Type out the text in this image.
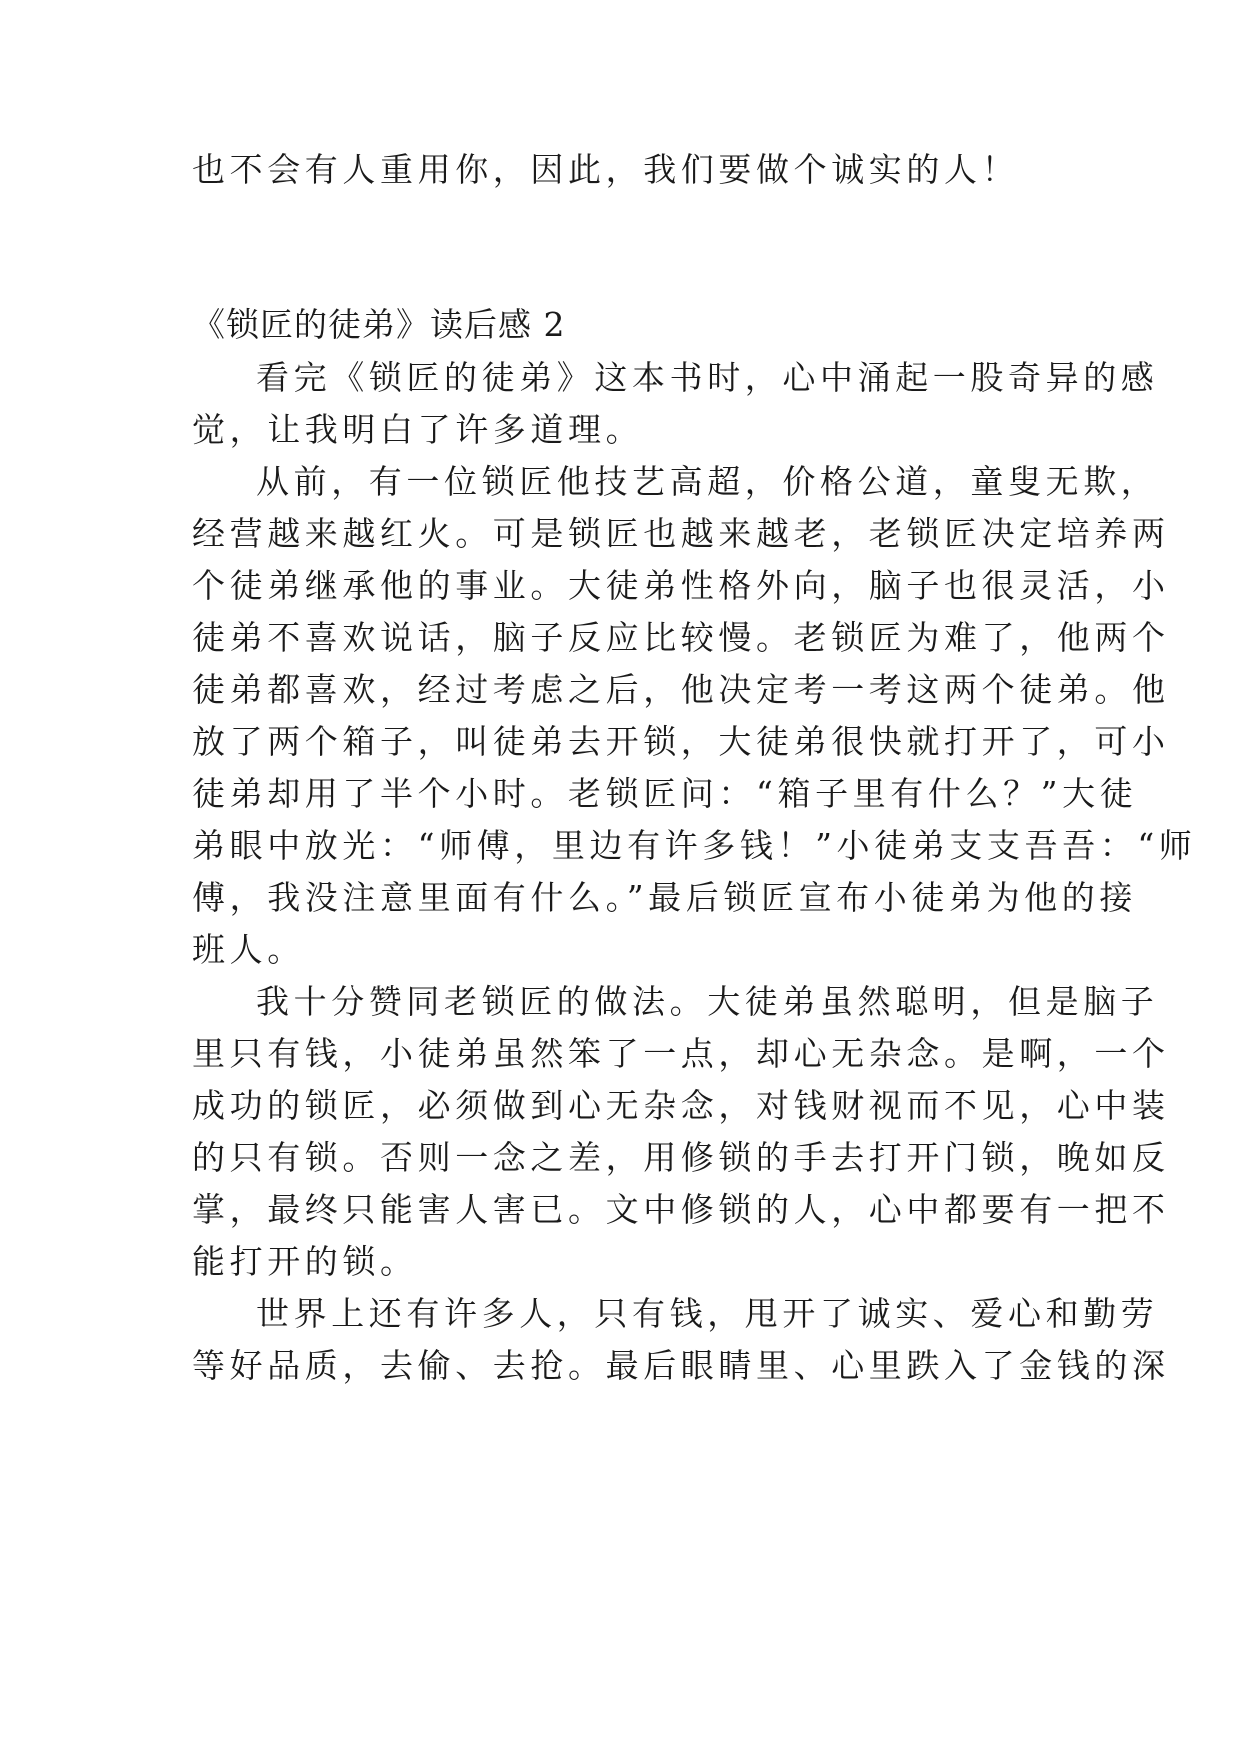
也不会有人重用你，因此，我们要做个诚实的人！
《锁匠的徒弟》读后感 2
看完《锁匠的徒弟》这本书时，心中涌起一股奇异的感
觉，让我明白了许多道理。
从前，有一位锁匠他技艺高超，价格公道，童叟无欺，
经营越来越红火。可是锁匠也越来越老，老锁匠决定培养两
个徒弟继承他的事业。大徒弟性格外向，脑子也很灵活，小
徒弟不喜欢说话，脑子反应比较慢。老锁匠为难了，他两个
徒弟都喜欢，经过考虑之后，他决定考一考这两个徒弟。他
放了两个箱子，叫徒弟去开锁，大徒弟很快就打开了，可小
徒弟却用了半个小时。老锁匠问：“箱子里有什么？”大徒
弟眼中放光：“师傅，里边有许多钱！”小徒弟支支吾吾：“师
傅，我没注意里面有什么。”最后锁匠宣布小徒弟为他的接
班人。
我十分赞同老锁匠的做法。大徒弟虽然聪明，但是脑子
里只有钱，小徒弟虽然笨了一点，却心无杂念。是啊，一个
成功的锁匠，必须做到心无杂念，对钱财视而不见，心中装
的只有锁。否则一念之差，用修锁的手去打开门锁，晚如反
掌，最终只能害人害已。文中修锁的人，心中都要有一把不
能打开的锁。
世界上还有许多人，只有钱，甩开了诚实、爱心和勤劳
等好品质，去偷、去抢。最后眼睛里、心里跌入了金钱的深
